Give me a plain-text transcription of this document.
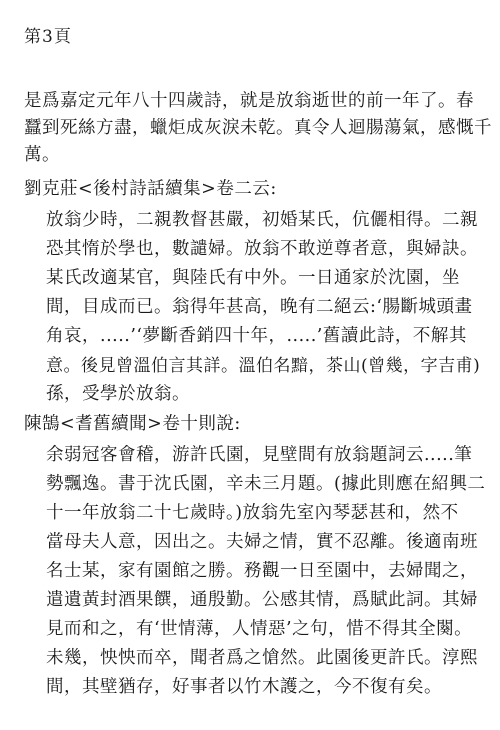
第3頁
是爲嘉定元年八十四歲詩，就是放翁逝世的前一年了。春
蠶到死絲方盡，蠟炬成灰淚未乾。真令人迴腸蕩氣，感慨千
萬。
劉克莊<後村詩話續集>卷二云:
放翁少時，二親教督甚嚴，初婚某氏，伉儷相得。二親
恐其惰於學也，數譴婦。放翁不敢逆尊者意，與婦訣。
某氏改適某官，與陸氏有中外。一日通家於沈園，坐
間，目成而已。翁得年甚高，晚有二絕云:‘腸斷城頭畫
角哀，.....’‘夢斷香銷四十年，.....’舊讀此詩，不解其
意。後見曾溫伯言其詳。溫伯名黯，茶山(曾幾，字吉甫)
孫，受學於放翁。
陳鵠<耆舊續聞>卷十則說:
余弱冠客會稽，游許氏園，見壁間有放翁題詞云.....筆
勢飄逸。書于沈氏園，辛未三月題。(據此則應在紹興二
十一年放翁二十七歲時。)放翁先室內琴瑟甚和，然不
當母夫人意，因出之。夫婦之情，實不忍離。後適南班
名士某，家有園館之勝。務觀一日至園中，去婦聞之，
遣遺黃封酒果饌，通殷勤。公感其情，爲賦此詞。其婦
見而和之，有‘世情薄，人情惡’之句，惜不得其全闋。
未幾，怏怏而卒，聞者爲之愴然。此園後更許氏。淳熙
間，其壁猶存，好事者以竹木護之，今不復有矣。
